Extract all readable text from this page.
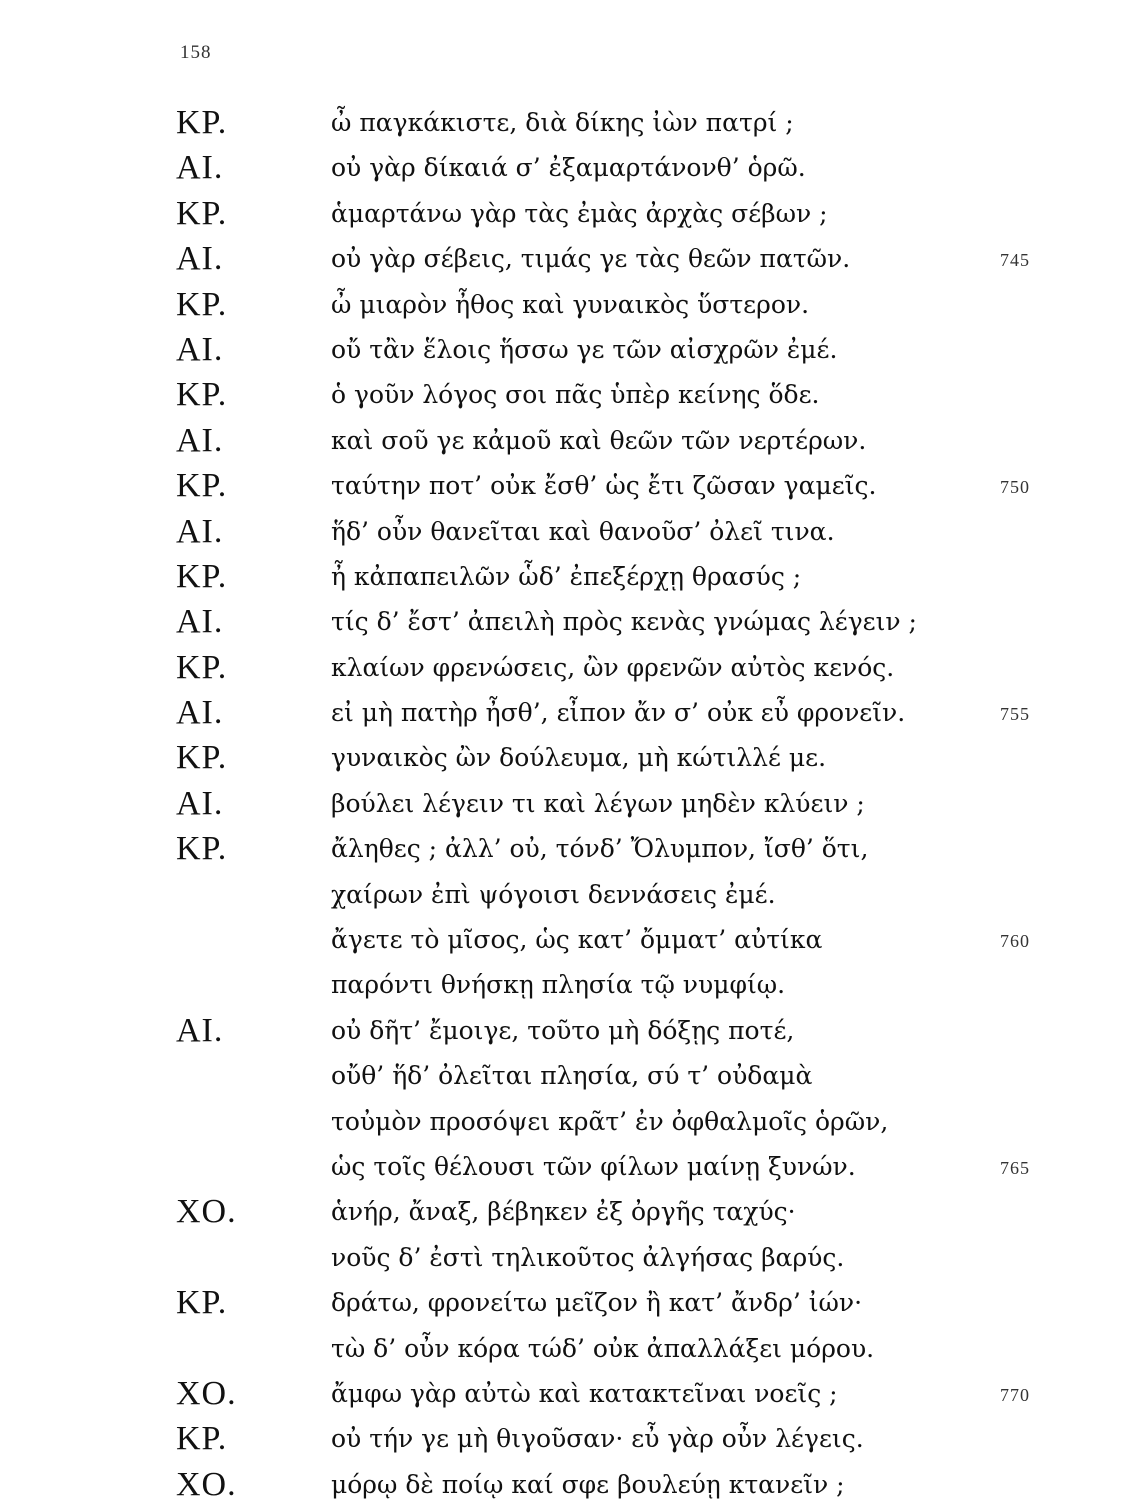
158
ΚΡ.	ὦ παγκάκιστε, διὰ δίκης ἰὼν πατρί ;
ΑΙ.	οὐ γὰρ δίκαιά σ’ ἐξαμαρτάνονθ’ ὁρῶ.
ΚΡ.	ἁμαρτάνω γὰρ τὰς ἐμὰς ἀρχὰς σέβων ;
ΑΙ.	οὐ γὰρ σέβεις, τιμάς γε τὰς θεῶν πατῶν.	745
ΚΡ.	ὦ μιαρὸν ἦθος καὶ γυναικὸς ὕστερον.
ΑΙ.	οὔ τἂν ἕλοις ἥσσω γε τῶν αἰσχρῶν ἐμέ.
ΚΡ.	ὁ γοῦν λόγος σοι πᾶς ὑπὲρ κείνης ὅδε.
ΑΙ.	καὶ σοῦ γε κἀμοῦ καὶ θεῶν τῶν νερτέρων.
ΚΡ.	ταύτην ποτ’ οὐκ ἔσθ’ ὡς ἔτι ζῶσαν γαμεῖς.	750
ΑΙ.	ἥδ’ οὖν θανεῖται καὶ θανοῦσ’ ὀλεῖ τινα.
ΚΡ.	ἦ κἀπαπειλῶν ὧδ’ ἐπεξέρχῃ θρασύς ;
ΑΙ.	τίς δ’ ἔστ’ ἀπειλὴ πρὸς κενὰς γνώμας λέγειν ;
ΚΡ.	κλαίων φρενώσεις, ὢν φρενῶν αὐτὸς κενός.
ΑΙ.	εἰ μὴ πατὴρ ἦσθ’, εἶπον ἄν σ’ οὐκ εὖ φρονεῖν.	755
ΚΡ.	γυναικὸς ὢν δούλευμα, μὴ κώτιλλέ με.
ΑΙ.	βούλει λέγειν τι καὶ λέγων μηδὲν κλύειν ;
ΚΡ.	ἄληθες ; ἀλλ’ οὐ, τόνδ’ Ὄλυμπον, ἴσθ’ ὅτι,
χαίρων ἐπὶ ψόγοισι δεννάσεις ἐμέ.
ἄγετε τὸ μῖσος, ὡς κατ’ ὄμματ’ αὐτίκα	760
παρόντι θνήσκῃ πλησία τῷ νυμφίῳ.
ΑΙ.	οὐ δῆτ’ ἔμοιγε, τοῦτο μὴ δόξῃς ποτέ,
οὔθ’ ἥδ’ ὀλεῖται πλησία, σύ τ’ οὐδαμὰ
τοὐμὸν προσόψει κρᾶτ’ ἐν ὀφθαλμοῖς ὁρῶν,
ὡς τοῖς θέλουσι τῶν φίλων μαίνῃ ξυνών.	765
ΧΟ.	ἁνήρ, ἄναξ, βέβηκεν ἐξ ὀργῆς ταχύς·
νοῦς δ’ ἐστὶ τηλικοῦτος ἀλγήσας βαρύς.
ΚΡ.	δράτω, φρονείτω μεῖζον ἢ κατ’ ἄνδρ’ ἰών·
τὼ δ’ οὖν κόρα τώδ’ οὐκ ἀπαλλάξει μόρου.
ΧΟ.	ἄμφω γὰρ αὐτὼ καὶ κατακτεῖναι νοεῖς ;	770
ΚΡ.	οὐ τήν γε μὴ θιγοῦσαν· εὖ γὰρ οὖν λέγεις.
ΧΟ.	μόρῳ δὲ ποίῳ καί σφε βουλεύῃ κτανεῖν ;
